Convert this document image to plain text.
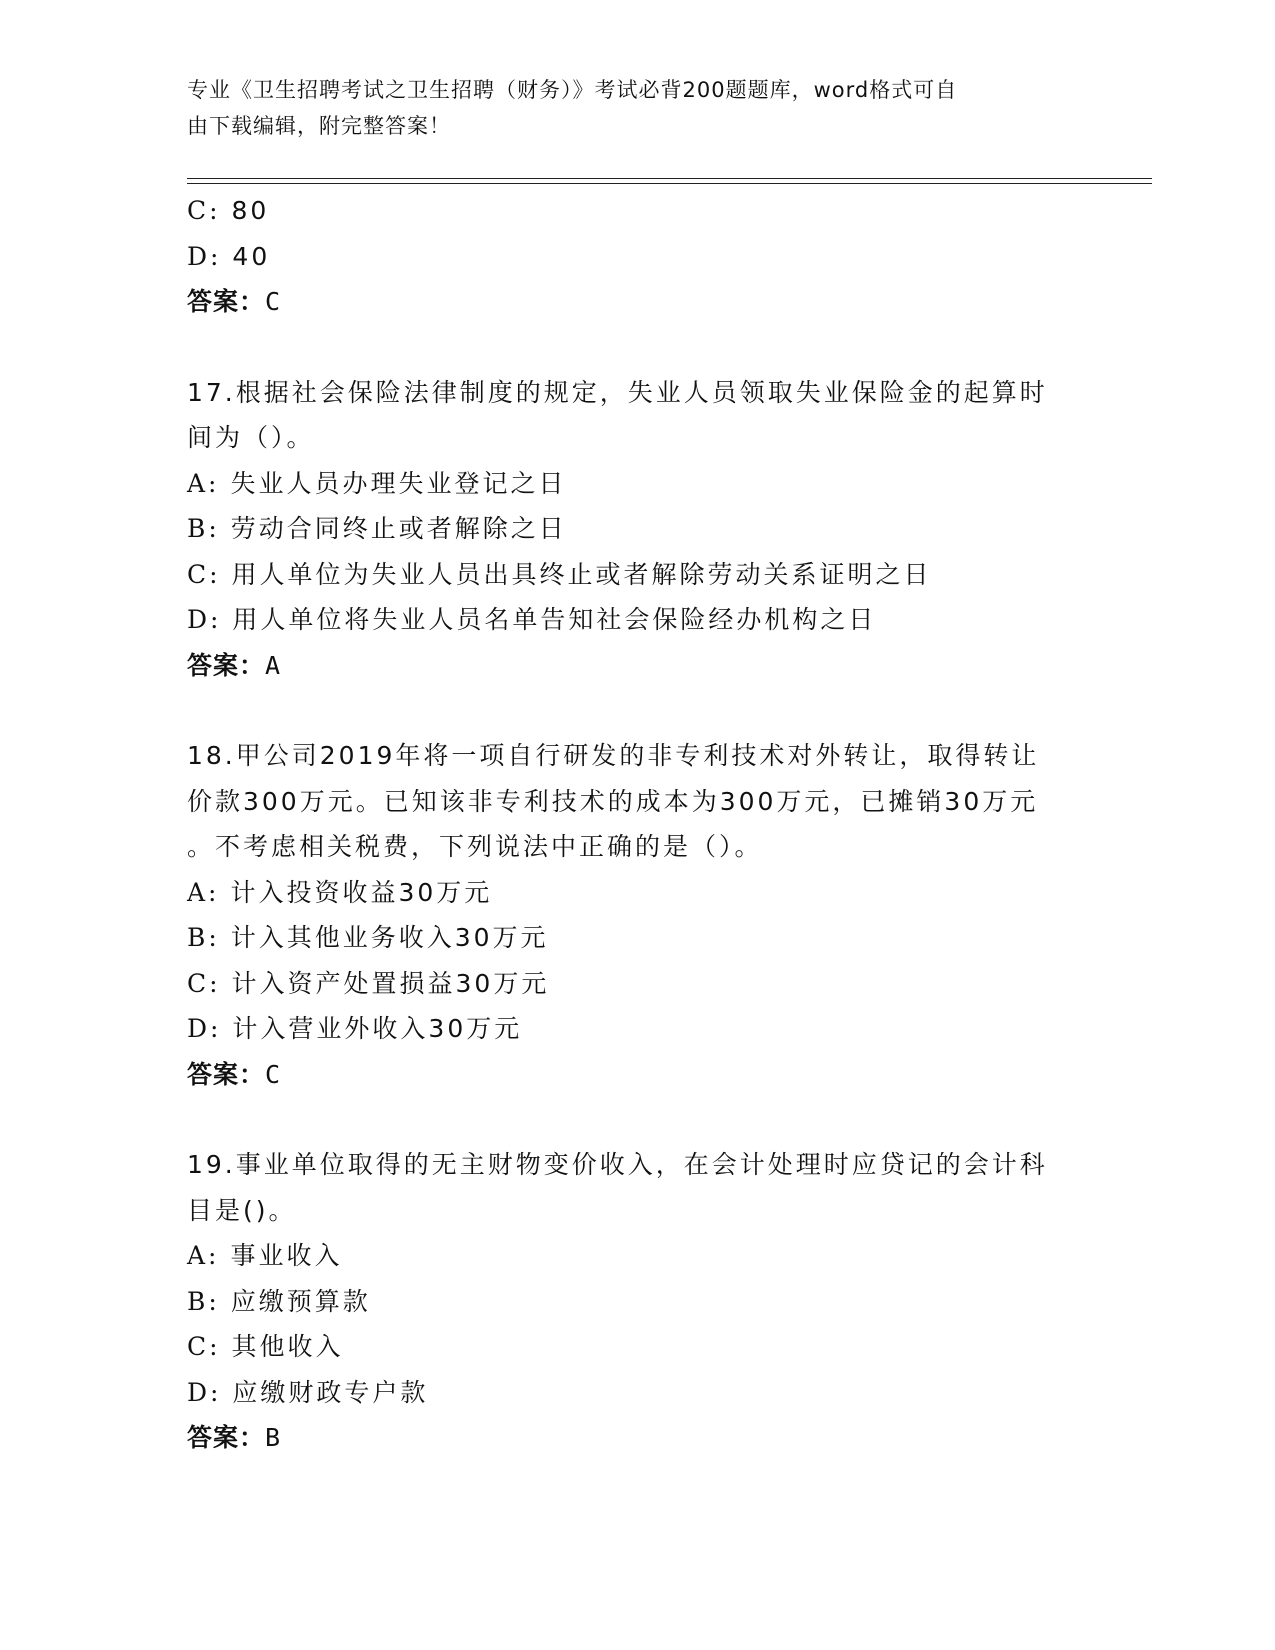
专业《卫生招聘考试之卫生招聘（财务）》考试必背200题题库，word格式可自
由下载编辑，附完整答案！
C: 80
D: 40
答案：C
17.根据社会保险法律制度的规定，失业人员领取失业保险金的起算时
间为（）。
A: 失业人员办理失业登记之日
B: 劳动合同终止或者解除之日
C: 用人单位为失业人员出具终止或者解除劳动关系证明之日
D: 用人单位将失业人员名单告知社会保险经办机构之日
答案：A
18.甲公司2019年将一项自行研发的非专利技术对外转让，取得转让
价款300万元。已知该非专利技术的成本为300万元，已摊销30万元
。不考虑相关税费，下列说法中正确的是（）。
A: 计入投资收益30万元
B: 计入其他业务收入30万元
C: 计入资产处置损益30万元
D: 计入营业外收入30万元
答案：C
19.事业单位取得的无主财物变价收入，在会计处理时应贷记的会计科
目是()。
A: 事业收入
B: 应缴预算款
C: 其他收入
D: 应缴财政专户款
答案：B
